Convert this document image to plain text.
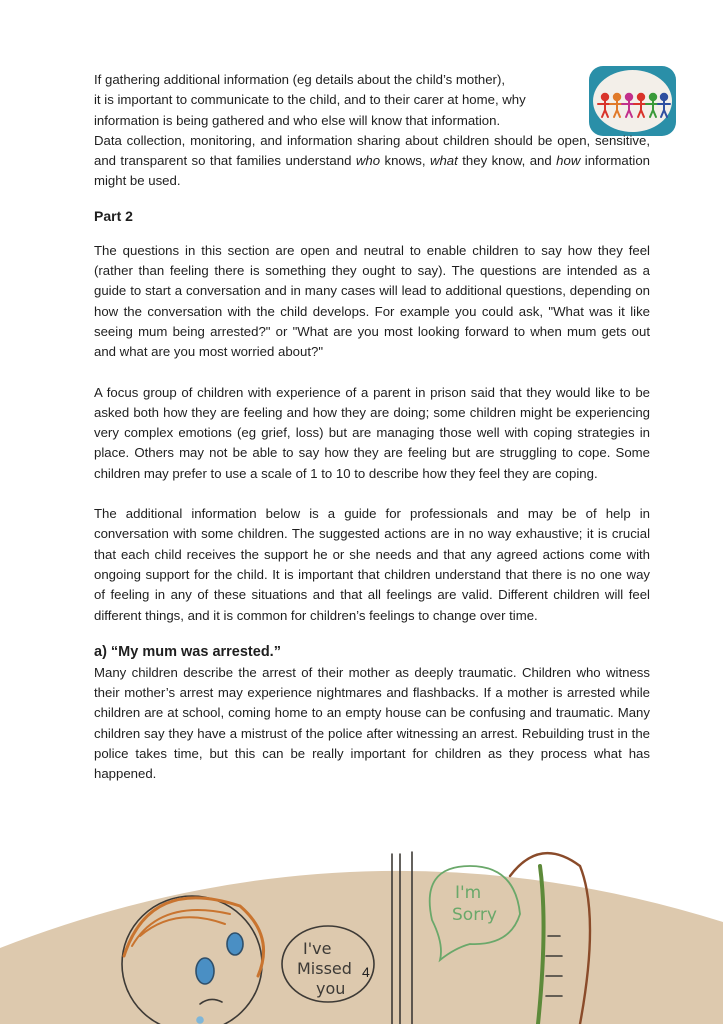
If gathering additional information (eg details about the child’s mother),

it is important to communicate to the child, and to their carer at home, why

information is being gathered and who else will know that information.

Data collection, monitoring, and information sharing about children should be open, sensitive, and transparent so that families understand who knows, what they know, and how information might be used.

Part 2

The questions in this section are open and neutral to enable children to say how they feel (rather than feeling there is something they ought to say). The questions are intended as a guide to start a conversation and in many cases will lead to additional questions, depending on how the conversation with the child develops. For example you could ask, "What was it like seeing mum being arrested?" or "What are you most looking forward to when mum gets out and what are you most worried about?"

A focus group of children with experience of a parent in prison said that they would like to be asked both how they are feeling and how they are doing; some children might be experiencing very complex emotions (eg grief, loss) but are managing those well with coping strategies in place. Others may not be able to say how they are feeling but are struggling to cope. Some children may prefer to use a scale of 1 to 10 to describe how they feel they are coping.

The additional information below is a guide for professionals and may be of help in conversation with some children. The suggested actions are in no way exhaustive; it is crucial that each child receives the support he or she needs and that any agreed actions come with ongoing support for the child. It is important that children understand that there is no one way of feeling in any of these situations and that all feelings are valid. Different children will feel different things, and it is common for children’s feelings to change over time.

a) “My mum was arrested.”

Many children describe the arrest of their mother as deeply traumatic. Children who witness their mother’s arrest may experience nightmares and flashbacks. If a mother is arrested while children are at school, coming home to an empty house can be confusing and traumatic. Many children say they have a mistrust of the police after witnessing an arrest. Rebuilding trust in the police takes time, but this can be really important for children as they process what has happened.

I've
Missed
you
I'm
Sorry
4
